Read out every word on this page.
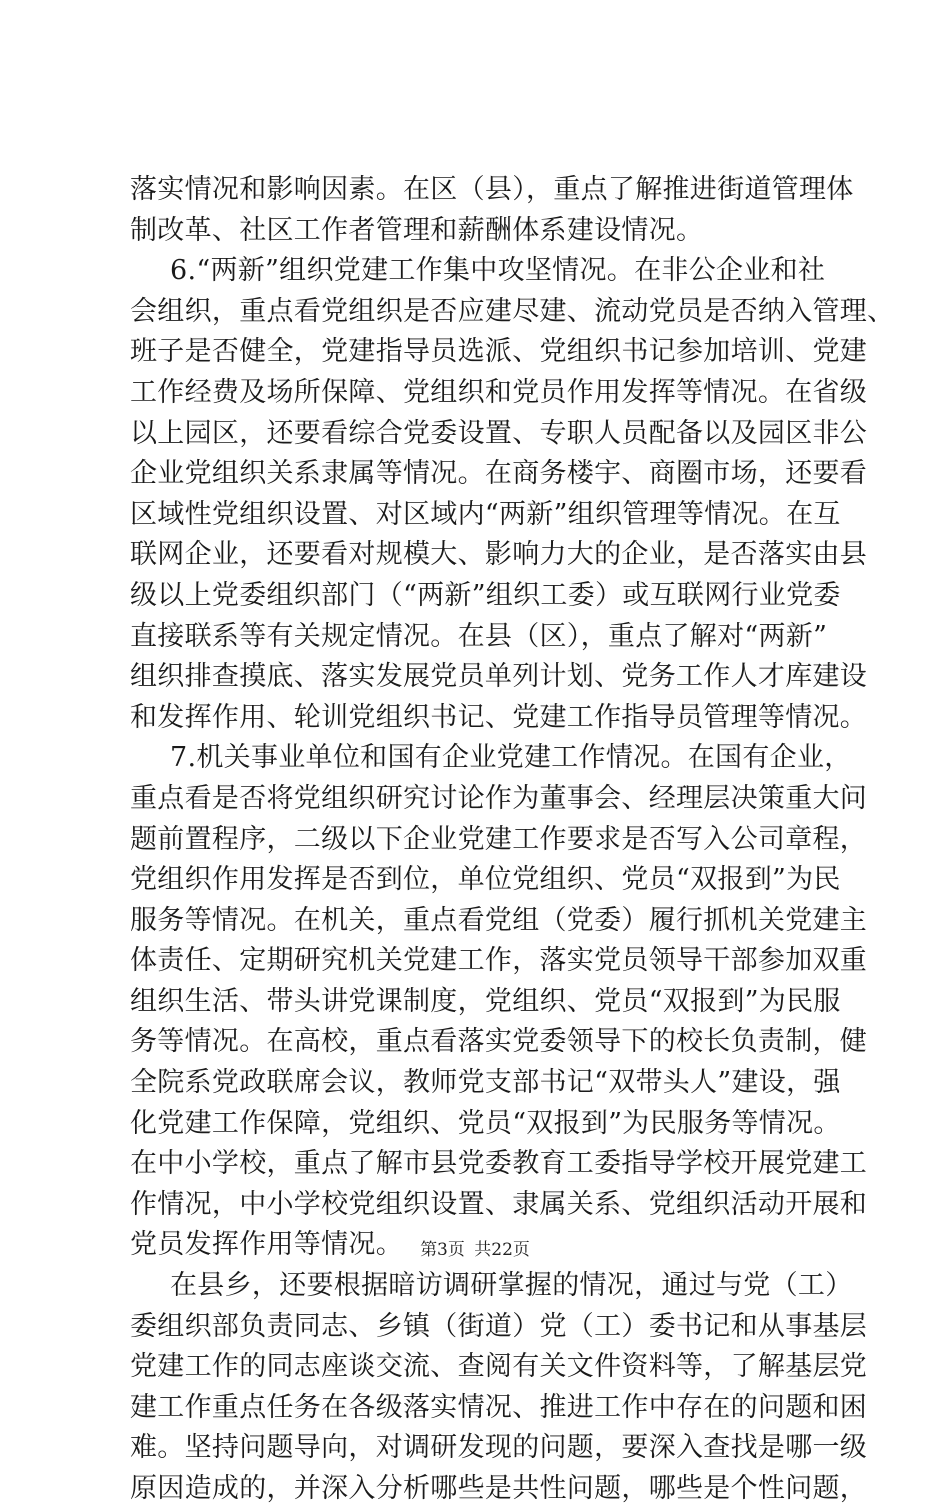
落实情况和影响因素。在区（县），重点了解推进街道管理体
制改革、社区工作者管理和薪酬体系建设情况。

6.“两新”组织党建工作集中攻坚情况。在非公企业和社
会组织，重点看党组织是否应建尽建、流动党员是否纳入管理、
班子是否健全，党建指导员选派、党组织书记参加培训、党建
工作经费及场所保障、党组织和党员作用发挥等情况。在省级
以上园区，还要看综合党委设置、专职人员配备以及园区非公
企业党组织关系隶属等情况。在商务楼宇、商圈市场，还要看
区域性党组织设置、对区域内“两新”组织管理等情况。在互
联网企业，还要看对规模大、影响力大的企业，是否落实由县
级以上党委组织部门（“两新”组织工委）或互联网行业党委
直接联系等有关规定情况。在县（区），重点了解对“两新”
组织排查摸底、落实发展党员单列计划、党务工作人才库建设
和发挥作用、轮训党组织书记、党建工作指导员管理等情况。

7.机关事业单位和国有企业党建工作情况。在国有企业，
重点看是否将党组织研究讨论作为董事会、经理层决策重大问
题前置程序，二级以下企业党建工作要求是否写入公司章程，
党组织作用发挥是否到位，单位党组织、党员“双报到”为民
服务等情况。在机关，重点看党组（党委）履行抓机关党建主
体责任、定期研究机关党建工作，落实党员领导干部参加双重
组织生活、带头讲党课制度，党组织、党员“双报到”为民服
务等情况。在高校，重点看落实党委领导下的校长负责制，健
全院系党政联席会议，教师党支部书记“双带头人”建设，强
化党建工作保障，党组织、党员“双报到”为民服务等情况。
在中小学校，重点了解市县党委教育工委指导学校开展党建工
作情况，中小学校党组织设置、隶属关系、党组织活动开展和
党员发挥作用等情况。

在县乡，还要根据暗访调研掌握的情况，通过与党（工）
委组织部负责同志、乡镇（街道）党（工）委书记和从事基层
党建工作的同志座谈交流、查阅有关文件资料等，了解基层党
建工作重点任务在各级落实情况、推进工作中存在的问题和困
难。坚持问题导向，对调研发现的问题，要深入查找是哪一级
原因造成的，并深入分析哪些是共性问题，哪些是个性问题，

第3页 共22页
